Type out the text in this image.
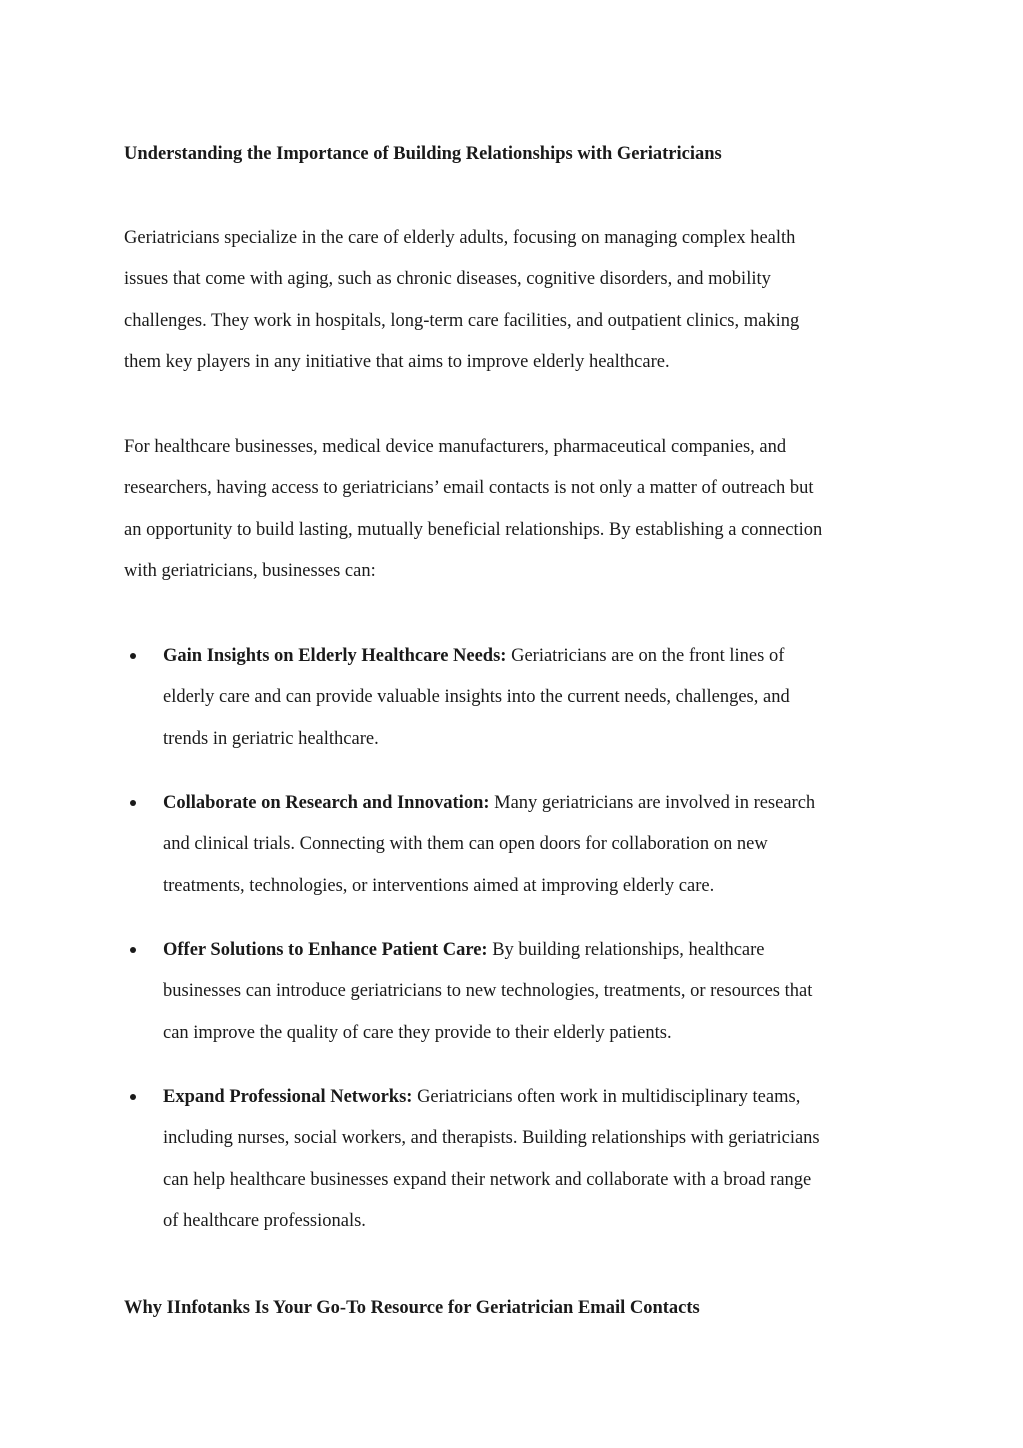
Understanding the Importance of Building Relationships with Geriatricians

Geriatricians specialize in the care of elderly adults, focusing on managing complex health
issues that come with aging, such as chronic diseases, cognitive disorders, and mobility
challenges. They work in hospitals, long-term care facilities, and outpatient clinics, making
them key players in any initiative that aims to improve elderly healthcare.

For healthcare businesses, medical device manufacturers, pharmaceutical companies, and
researchers, having access to geriatricians’ email contacts is not only a matter of outreach but
an opportunity to build lasting, mutually beneficial relationships. By establishing a connection
with geriatricians, businesses can:

Gain Insights on Elderly Healthcare Needs: Geriatricians are on the front lines of
elderly care and can provide valuable insights into the current needs, challenges, and
trends in geriatric healthcare.
Collaborate on Research and Innovation: Many geriatricians are involved in research
and clinical trials. Connecting with them can open doors for collaboration on new
treatments, technologies, or interventions aimed at improving elderly care.
Offer Solutions to Enhance Patient Care: By building relationships, healthcare
businesses can introduce geriatricians to new technologies, treatments, or resources that
can improve the quality of care they provide to their elderly patients.
Expand Professional Networks: Geriatricians often work in multidisciplinary teams,
including nurses, social workers, and therapists. Building relationships with geriatricians
can help healthcare businesses expand their network and collaborate with a broad range
of healthcare professionals.
Why IInfotanks Is Your Go-To Resource for Geriatrician Email Contacts
